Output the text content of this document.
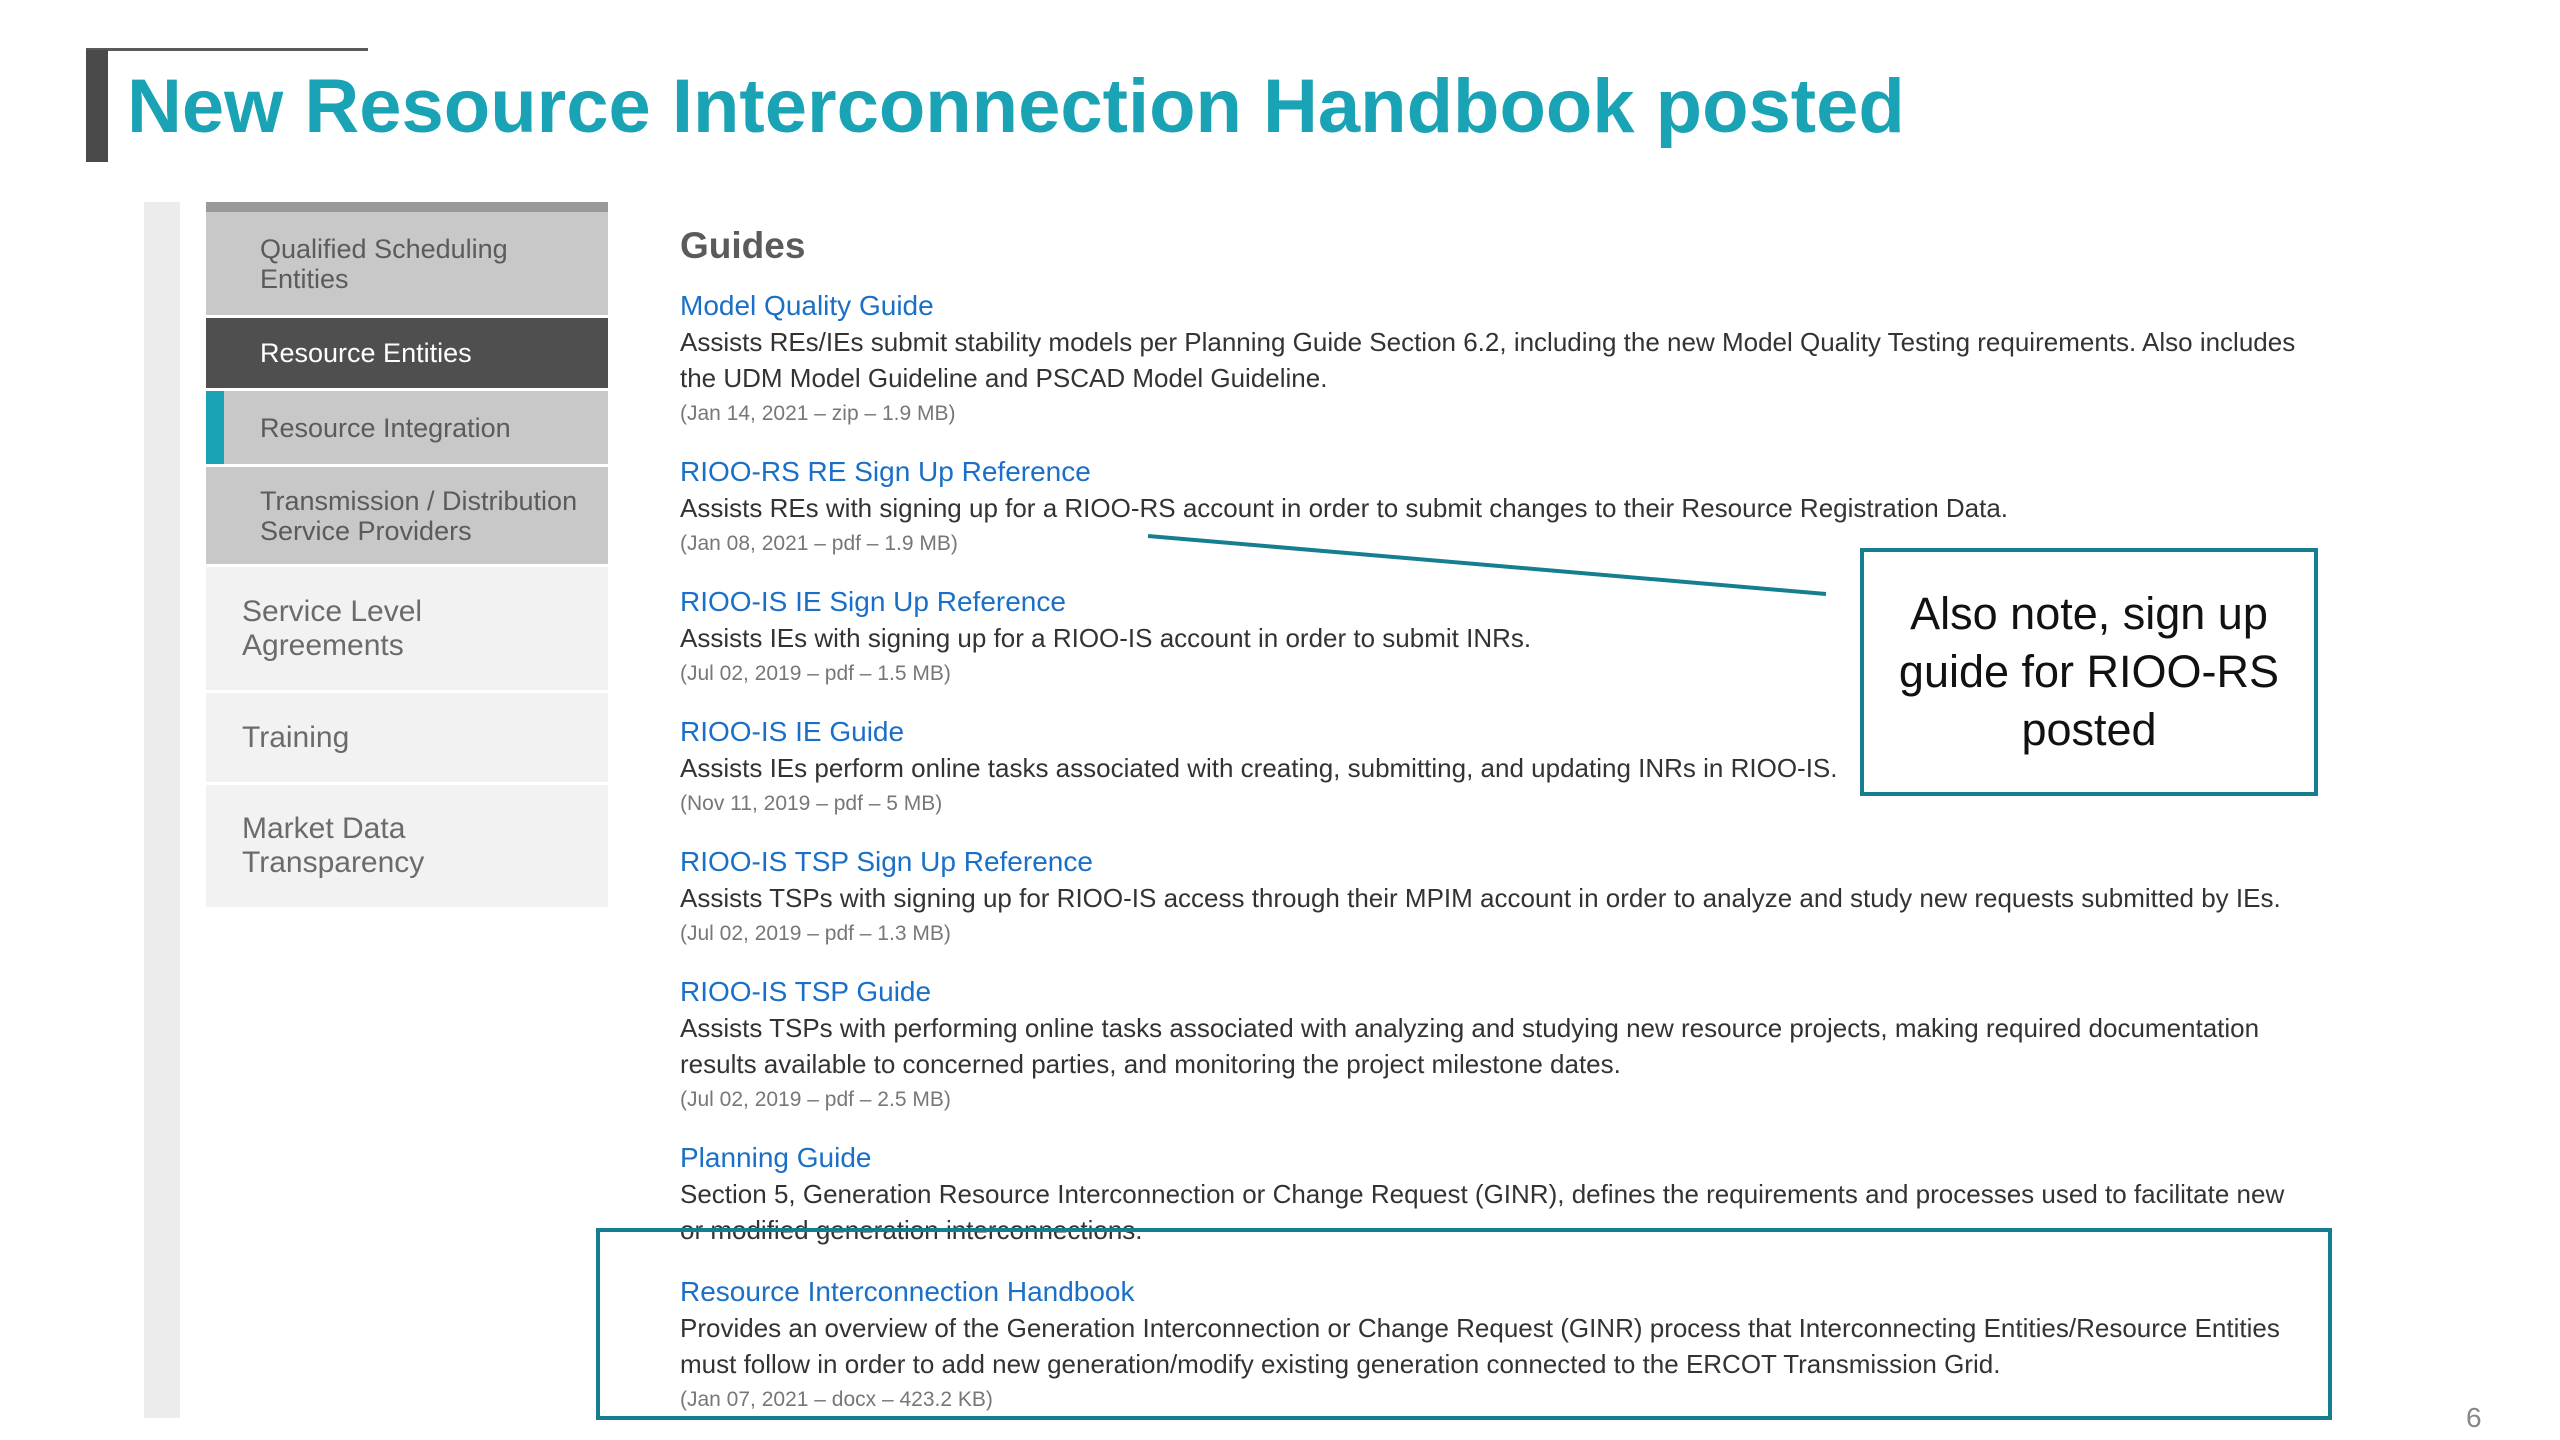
New Resource Interconnection Handbook posted
Qualified Scheduling Entities
Resource Entities
Resource Integration
Transmission / Distribution Service Providers
Service Level Agreements
Training
Market Data Transparency
Guides
Model Quality Guide
Assists REs/IEs submit stability models per Planning Guide Section 6.2, including the new Model Quality Testing requirements. Also includes the UDM Model Guideline and PSCAD Model Guideline.
(Jan 14, 2021 – zip – 1.9 MB)
RIOO-RS RE Sign Up Reference
Assists REs with signing up for a RIOO-RS account in order to submit changes to their Resource Registration Data.
(Jan 08, 2021 – pdf – 1.9 MB)
RIOO-IS IE Sign Up Reference
Assists IEs with signing up for a RIOO-IS account in order to submit INRs.
(Jul 02, 2019 – pdf – 1.5 MB)
RIOO-IS IE Guide
Assists IEs perform online tasks associated with creating, submitting, and updating INRs in RIOO-IS.
(Nov 11, 2019 – pdf – 5 MB)
RIOO-IS TSP Sign Up Reference
Assists TSPs with signing up for RIOO-IS access through their MPIM account in order to analyze and study new requests submitted by IEs.
(Jul 02, 2019 – pdf – 1.3 MB)
RIOO-IS TSP Guide
Assists TSPs with performing online tasks associated with analyzing and studying new resource projects, making required documentation results available to concerned parties, and monitoring the project milestone dates.
(Jul 02, 2019 – pdf – 2.5 MB)
Planning Guide
Section 5, Generation Resource Interconnection or Change Request (GINR), defines the requirements and processes used to facilitate new or modified generation interconnections.
Resource Interconnection Handbook
Provides an overview of the Generation Interconnection or Change Request (GINR) process that Interconnecting Entities/Resource Entities must follow in order to add new generation/modify existing generation connected to the ERCOT Transmission Grid.
(Jan 07, 2021 – docx – 423.2 KB)
Also note, sign up guide for RIOO-RS posted
6
